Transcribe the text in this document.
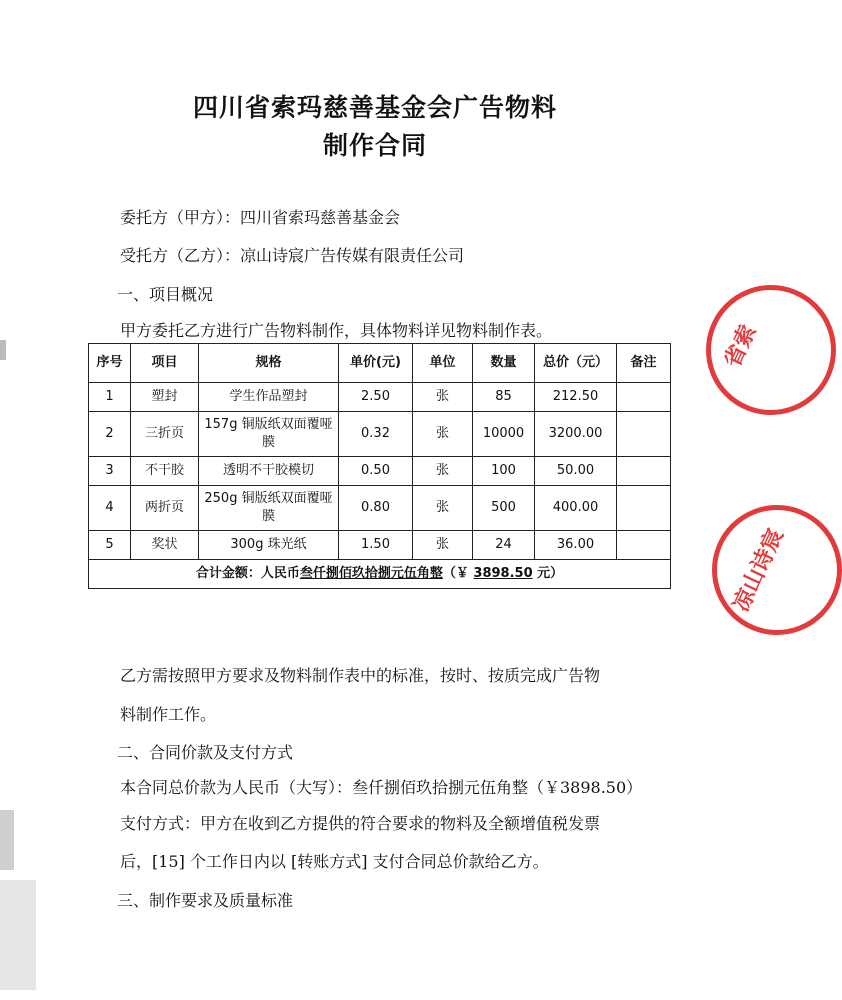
四川省索玛慈善基金会广告物料
制作合同
委托方（甲方）：四川省索玛慈善基金会
受托方（乙方）：凉山诗宸广告传媒有限责任公司
一、项目概况
甲方委托乙方进行广告物料制作，具体物料详见物料制作表。
序号	项目	规格	单价(元)	单位	数量	总价（元）	备注
1	塑封	学生作品塑封	2.50	张	85	212.50	
2	三折页	157g 铜版纸双面覆哑膜	0.32	张	10000	3200.00	
3	不干胶	透明不干胶模切	0.50	张	100	50.00	
4	两折页	250g 铜版纸双面覆哑膜	0.80	张	500	400.00	
5	奖状	300g 珠光纸	1.50	张	24	36.00	
合计金额：人民币叁仟捌佰玖拾捌元伍角整（￥ 3898.50 元）							
乙方需按照甲方要求及物料制作表中的标准，按时、按质完成广告物
料制作工作。
二、合同价款及支付方式
本合同总价款为人民币（大写）：叁仟捌佰玖拾捌元伍角整（￥3898.50）
支付方式：甲方在收到乙方提供的符合要求的物料及全额增值税发票
后，[15] 个工作日内以 [转账方式] 支付合同总价款给乙方。
三、制作要求及质量标准
省索
凉山诗宸
